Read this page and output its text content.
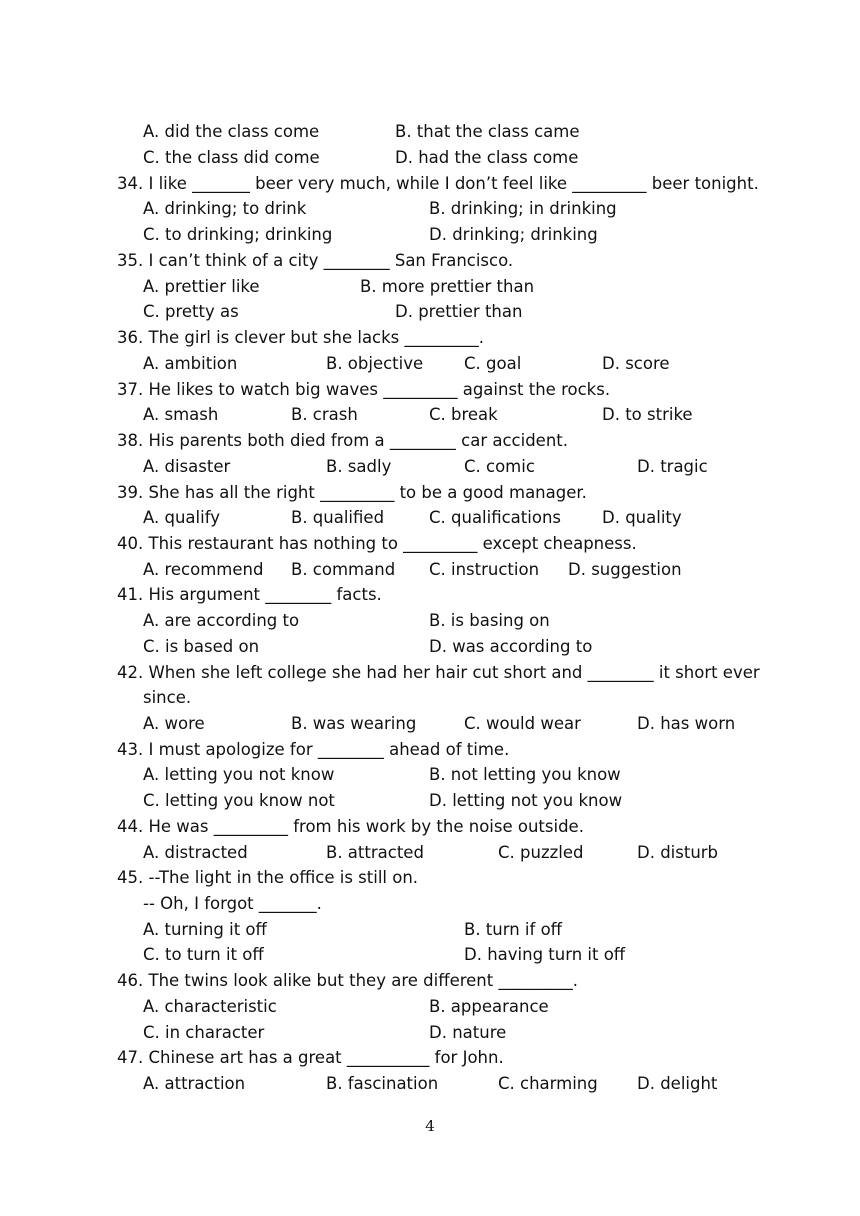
A. did the class come

	B. that the class came

C. the class did come

	D. had the class come

34. I like _______ beer very much, while I don’t feel like _________ beer tonight.

A. drinking; to drink

	B. drinking; in drinking

C. to drinking; drinking

	D. drinking; drinking

35. I can’t think of a city ________ San Francisco.

A. prettier like

	B. more prettier than

C. pretty as

	D. prettier than

36. The girl is clever but she lacks _________.

A. ambition

	B. objective

C. goal

	D. score

37. He likes to watch big waves _________ against the rocks.

A. smash

	B. crash

	C. break

	D. to strike

38. His parents both died from a ________ car accident.

A. disaster

	B. sadly

	C. comic

	D. tragic

39. She has all the right _________ to be a good manager.

A. qualify

	B. qualified

	C. qualifications

D. quality

40. This restaurant has nothing to _________ except cheapness.

A. recommend

B. command

C. instruction

D. suggestion

41. His argument ________ facts.

A. are according to

	B. is basing on

C. is based on

	D. was according to

42. When she left college she had her hair cut short and ________ it short ever

since.

A. wore

	B. was wearing

	C. would wear

	D. has worn

43. I must apologize for ________ ahead of time.

A. letting you not know

	B. not letting you know

C. letting you know not

	D. letting not you know

44. He was _________ from his work by the noise outside.

A. distracted

	B. attracted

	C. puzzled

	D. disturb

45. --The light in the office is still on.

-- Oh, I forgot _______.

A. turning it off

	B. turn if off

C. to turn it off

	D. having turn it off

46. The twins look alike but they are different _________.

A. characteristic

	B. appearance

C. in character

	D. nature

47. Chinese art has a great __________ for John.

A. attraction

	B. fascination

	C. charming

D. delight

4
